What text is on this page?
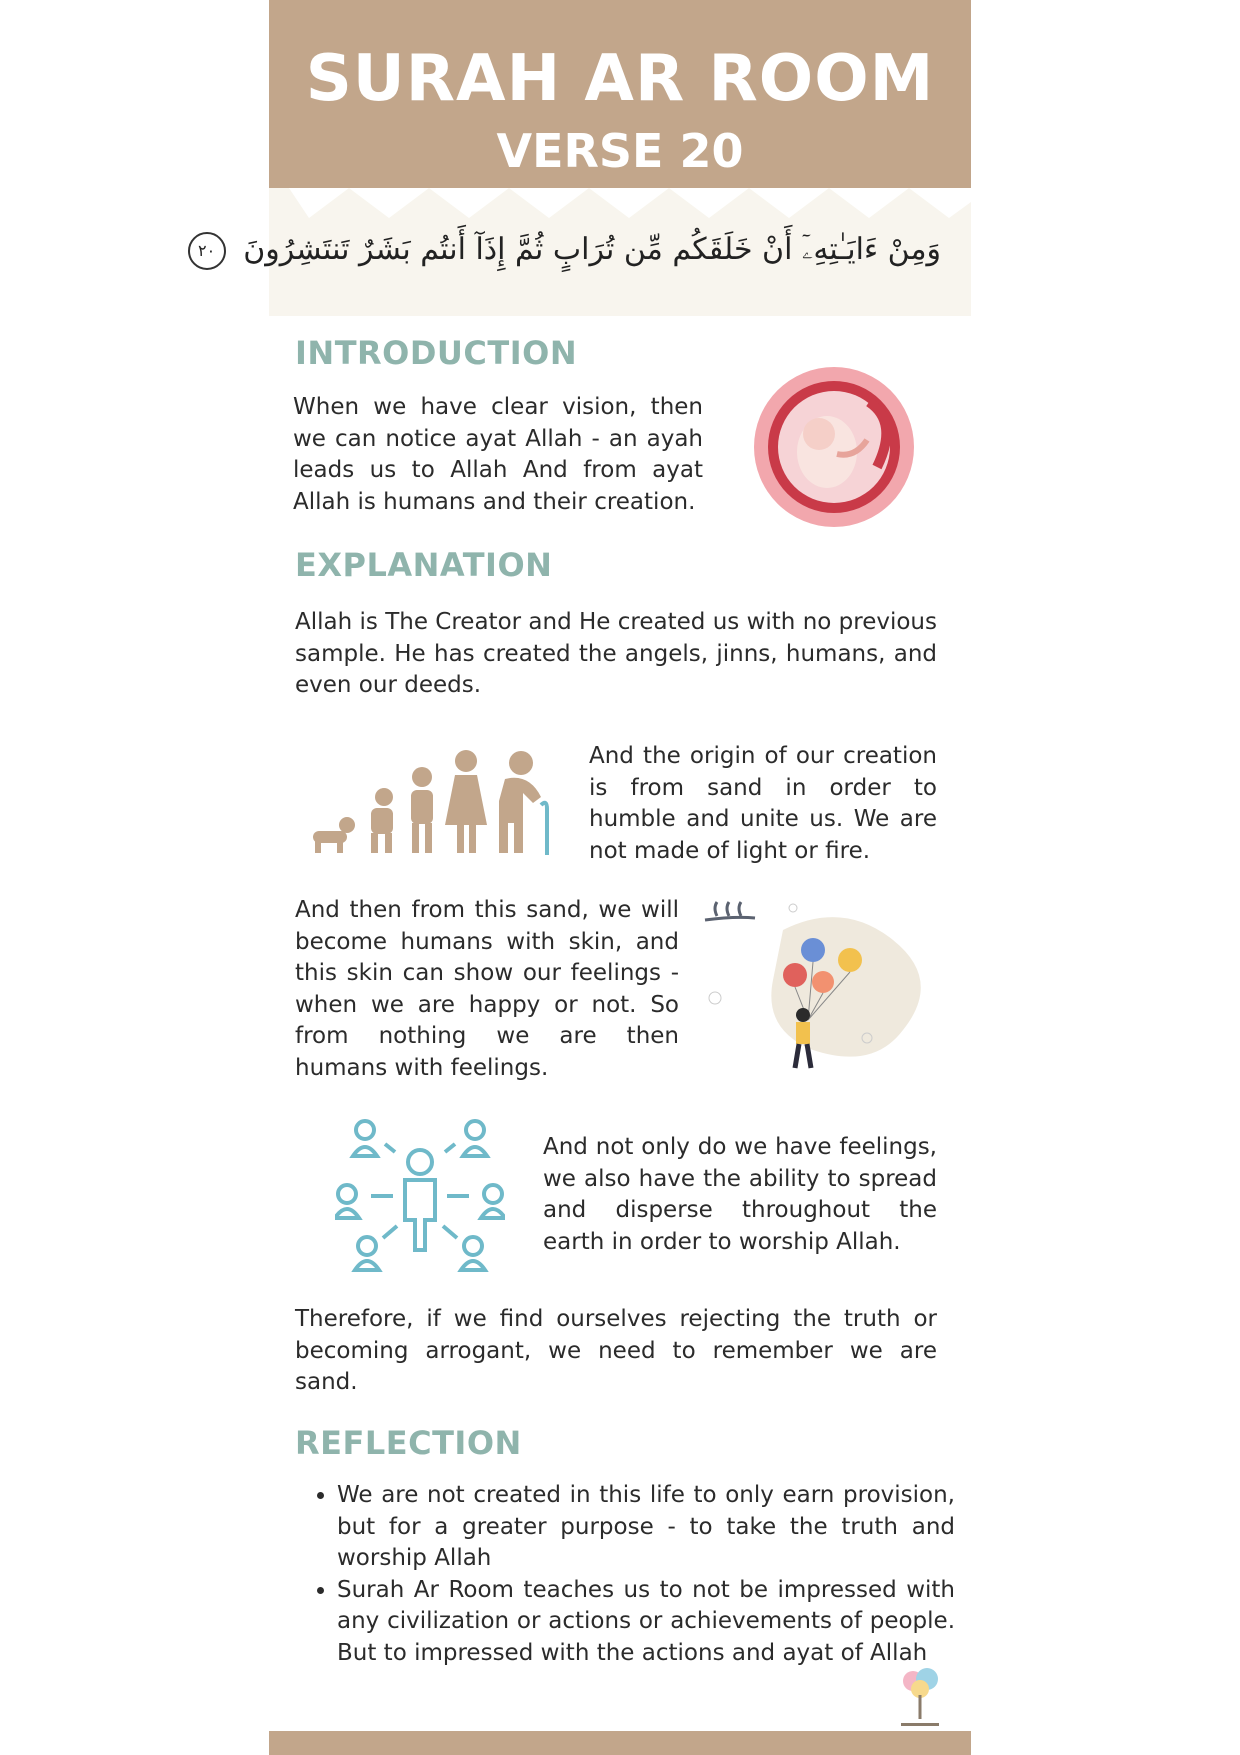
SURAH AR ROOM
VERSE 20
وَمِنْ ءَايَـٰتِهِۦٓ أَنْ خَلَقَكُم مِّن تُرَابٍ ثُمَّ إِذَآ أَنتُم بَشَرٌ تَنتَشِرُونَ ٢٠
INTRODUCTION
When we have clear vision, then we can notice ayat Allah - an ayah leads us to Allah And from ayat Allah is humans and their creation.
EXPLANATION
Allah is The Creator and He created us with no previous sample. He has created the angels, jinns, humans, and even our deeds.
And the origin of our creation is from sand in order to humble and unite us. We are not made of light or fire.
And then from this sand, we will become humans with skin, and this skin can show our feelings - when we are happy or not. So from nothing we are then humans with feelings.
And not only do we have feelings, we also have the ability to spread and disperse throughout the earth in order to worship Allah.
Therefore, if we find ourselves rejecting the truth or becoming arrogant, we need to remember we are sand.
REFLECTION
• We are not created in this life to only earn provision, but for a greater purpose - to take the truth and worship Allah
• Surah Ar Room teaches us to not be impressed with any civilization or actions or achievements of people. But to impressed with the actions and ayat of Allah
